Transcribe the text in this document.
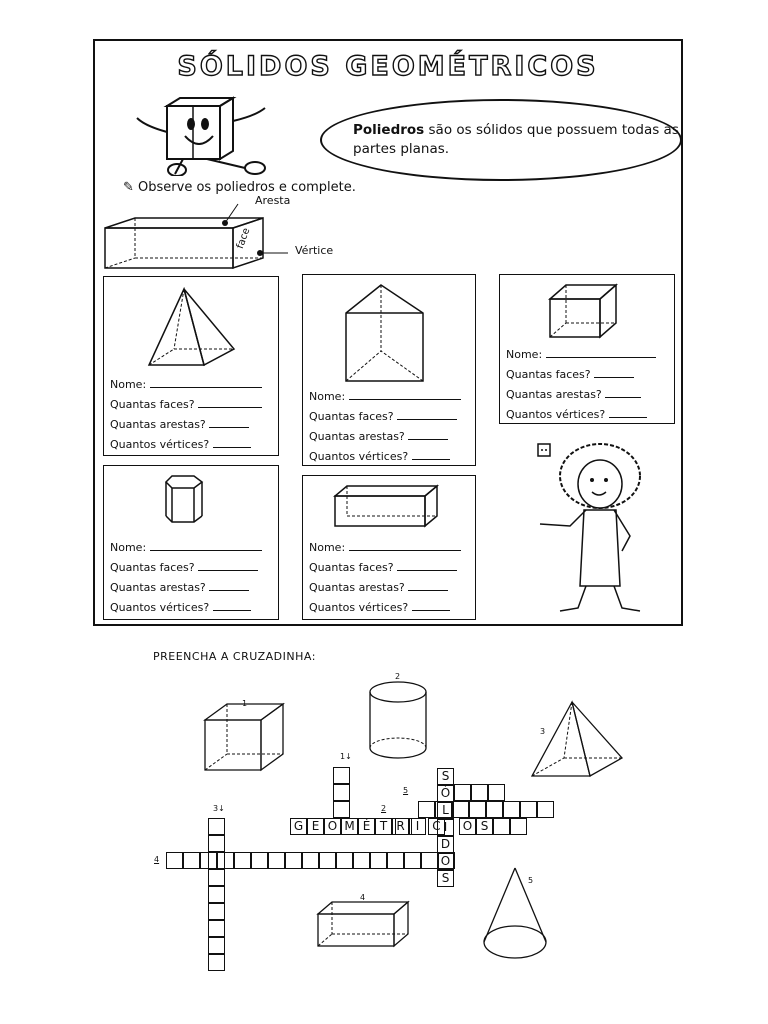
SÓLIDOS GEOMÉTRICOS
Poliedros são os sólidos que possuem todas as partes planas.
✎ Observe os poliedros e complete.
Aresta
face
Vértice
Nome:
Quantas faces?
Quantas arestas?
Quantos vértices?
Nome:
Quantas faces?
Quantas arestas?
Quantos vértices?
Nome:
Quantas faces?
Quantas arestas?
Quantos vértices?
Nome:
Quantas faces?
Quantas arestas?
Quantos vértices?
Nome:
Quantas faces?
Quantas arestas?
Quantos vértices?
PREENCHA A CRUZADINHA:
1
2
3
4
5
S
Ó
L
I
D
O
S
G E O M É T R I	C	O S
1↓
3↓	2
5
4
